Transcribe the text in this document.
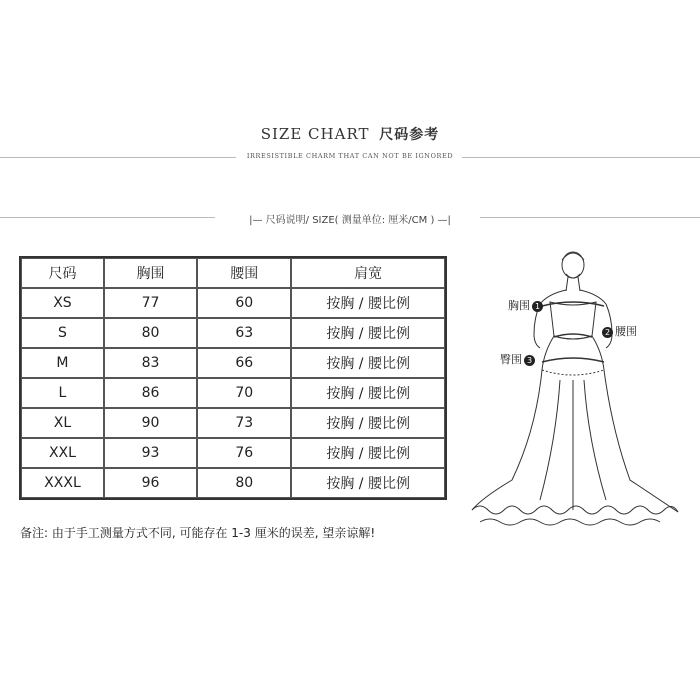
SIZE CHART 尺码参考
IRRESISTIBLE CHARM THAT CAN NOT BE IGNORED
|— 尺码说明/ SIZE( 测量单位: 厘米/CM ) —|
尺码	胸围	腰围	肩宽
XS	77	60	按胸 / 腰比例
S	80	63	按胸 / 腰比例
M	83	66	按胸 / 腰比例
L	86	70	按胸 / 腰比例
XL	90	73	按胸 / 腰比例
XXL	93	76	按胸 / 腰比例
XXXL	96	80	按胸 / 腰比例
备注: 由于手工测量方式不同, 可能存在 1-3 厘米的误差, 望亲谅解!
胸围 1
2 腰围
臀围 3
